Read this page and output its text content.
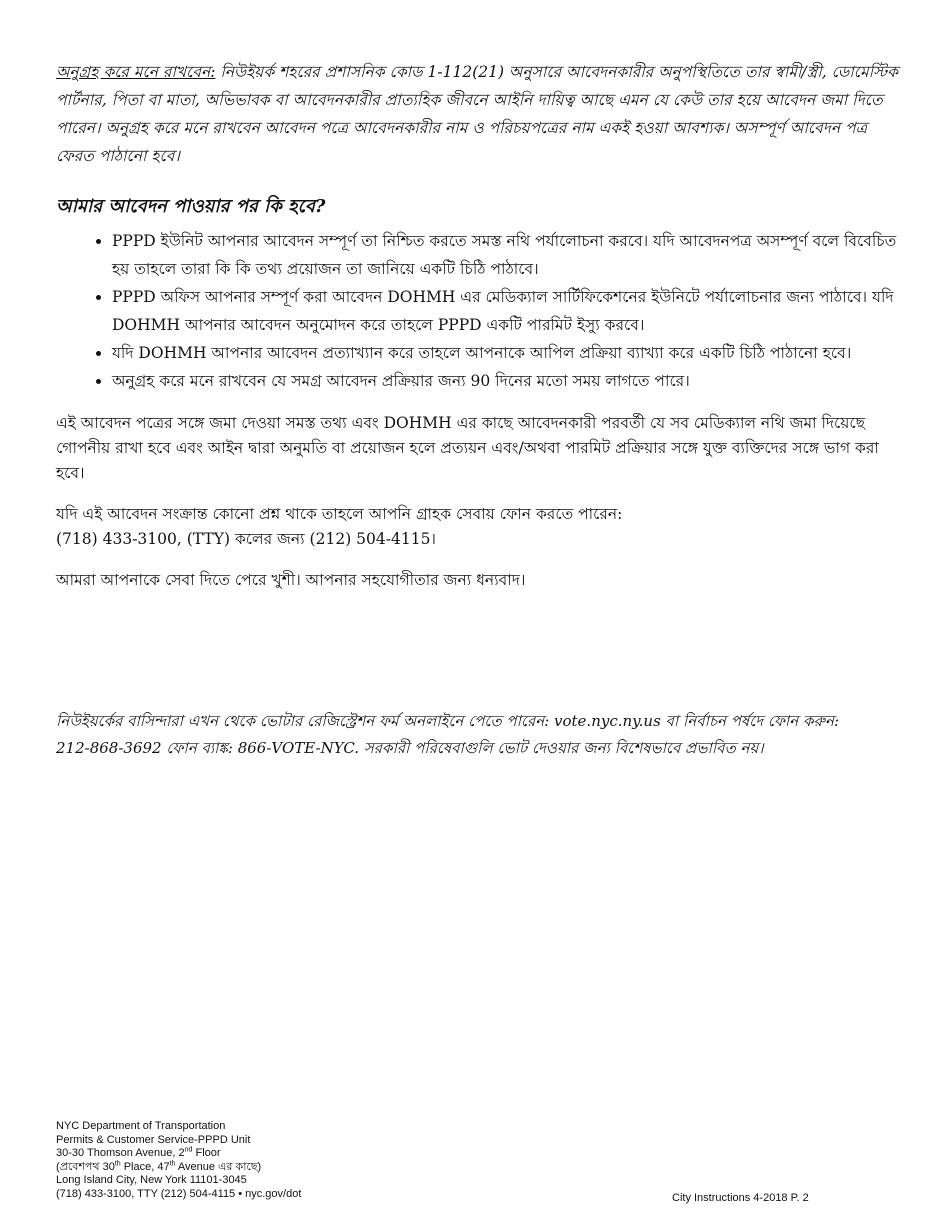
অনুগ্রহ করে মনে রাখবেন: নিউইয়র্ক শহরের প্রশাসনিক কোড 1-112(21) অনুসারে আবেদনকারীর অনুপস্থিতিতে তার স্বামী/স্ত্রী, ডোমেস্টিক পার্টনার, পিতা বা মাতা, অভিভাবক বা আবেদনকারীর প্রাত্যহিক জীবনে আইনি দায়িত্ব আছে এমন যে কেউ তার হয়ে আবেদন জমা দিতে পারেন। অনুগ্রহ করে মনে রাখবেন আবেদন পত্রে আবেদনকারীর নাম ও পরিচয়পত্রের নাম একই হওয়া আবশ্যক। অসম্পূর্ণ আবেদন পত্র ফেরত পাঠানো হবে।

আমার আবেদন পাওয়ার পর কি হবে?
• PPPD ইউনিট আপনার আবেদন সম্পূর্ণ তা নিশ্চিত করতে সমস্ত নথি পর্যালোচনা করবে। যদি আবেদনপত্র অসম্পূর্ণ বলে বিবেচিত হয় তাহলে তারা কি কি তথ্য প্রয়োজন তা জানিয়ে একটি চিঠি পাঠাবে।
• PPPD অফিস আপনার সম্পূর্ণ করা আবেদন DOHMH এর মেডিক্যাল সার্টিফিকেশনের ইউনিটে পর্যালোচনার জন্য পাঠাবে। যদি DOHMH আপনার আবেদন অনুমোদন করে তাহলে PPPD একটি পারমিট ইস্যু করবে।
• যদি DOHMH আপনার আবেদন প্রত্যাখ্যান করে তাহলে আপনাকে আপিল প্রক্রিয়া ব্যাখ্যা করে একটি চিঠি পাঠানো হবে।
• অনুগ্রহ করে মনে রাখবেন যে সমগ্র আবেদন প্রক্রিয়ার জন্য 90 দিনের মতো সময় লাগতে পারে।

এই আবেদন পত্রের সঙ্গে জমা দেওয়া সমস্ত তথ্য এবং DOHMH এর কাছে আবেদনকারী পরবর্তী যে সব মেডিক্যাল নথি জমা দিয়েছে গোপনীয় রাখা হবে এবং আইন দ্বারা অনুমতি বা প্রয়োজন হলে প্রত্যয়ন এবং/অথবা পারমিট প্রক্রিয়ার সঙ্গে যুক্ত ব্যক্তিদের সঙ্গে ভাগ করা হবে।

যদি এই আবেদন সংক্রান্ত কোনো প্রশ্ন থাকে তাহলে আপনি গ্রাহক সেবায় ফোন করতে পারেন:
(718) 433-3100, (TTY) কলের জন্য (212) 504-4115।

আমরা আপনাকে সেবা দিতে পেরে খুশী। আপনার সহযোগীতার জন্য ধন্যবাদ।

নিউইয়র্কের বাসিন্দারা এখন থেকে ভোটার রেজিস্ট্রেশন ফর্ম অনলাইনে পেতে পারেন: vote.nyc.ny.us বা নির্বাচন পর্ষদে ফোন করুন:
212-868-3692 ফোন ব্যাঙ্ক: 866-VOTE-NYC. সরকারী পরিষেবাগুলি ভোট দেওয়ার জন্য বিশেষভাবে প্রভাবিত নয়।

NYC Department of Transportation
Permits & Customer Service-PPPD Unit
30-30 Thomson Avenue, 2nd Floor
(প্রবেশপথ 30th Place, 47th Avenue এর কাছে)
Long Island City, New York 11101-3045
(718) 433-3100, TTY (212) 504-4115 • nyc.gov/dot	City Instructions 4-2018 P. 2
